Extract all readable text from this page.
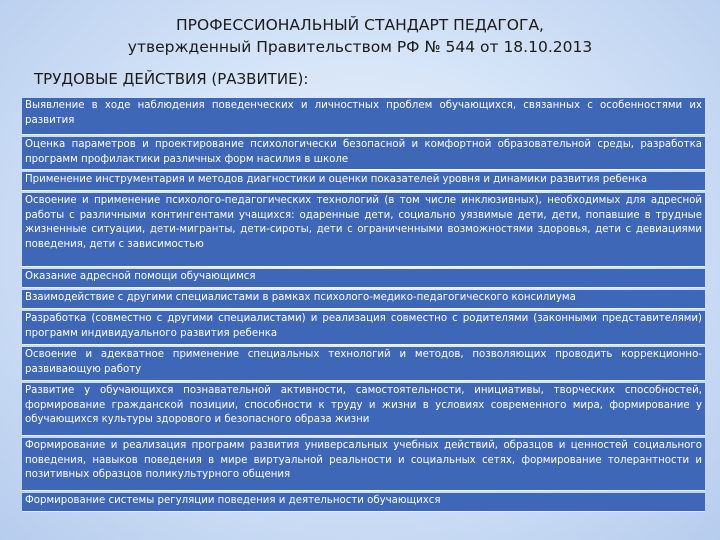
ПРОФЕССИОНАЛЬНЫЙ СТАНДАРТ ПЕДАГОГА,
утвержденный Правительством РФ № 544 от 18.10.2013
ТРУДОВЫЕ ДЕЙСТВИЯ (РАЗВИТИЕ):
Выявление в ходе наблюдения поведенческих и личностных проблем обучающихся, связанных с особенностями их развития
Оценка параметров и проектирование психологически безопасной и комфортной образовательной среды, разработка программ профилактики различных форм насилия в школе
Применение инструментария и методов диагностики и оценки показателей уровня и динамики развития ребенка
Освоение и применение психолого-педагогических технологий (в том числе инклюзивных), необходимых для адресной работы с различными контингентами учащихся: одаренные дети, социально уязвимые дети, дети, попавшие в трудные жизненные ситуации, дети-мигранты, дети-сироты, дети с ограниченными возможностями здоровья, дети с девиациями поведения, дети с зависимостью
Оказание адресной помощи обучающимся
Взаимодействие с другими специалистами в рамках психолого-медико-педагогического консилиума
Разработка (совместно с другими специалистами) и реализация совместно с родителями (законными представителями) программ индивидуального развития ребенка
Освоение и адекватное применение специальных технологий и методов, позволяющих проводить коррекционно-развивающую работу
Развитие у обучающихся познавательной активности, самостоятельности, инициативы, творческих способностей, формирование гражданской позиции, способности к труду и жизни в условиях современного мира, формирование у обучающихся культуры здорового и безопасного образа жизни
Формирование и реализация программ развития универсальных учебных действий, образцов и ценностей социального поведения, навыков поведения в мире виртуальной реальности и социальных сетях, формирование толерантности и позитивных образцов поликультурного общения
Формирование системы регуляции поведения и деятельности обучающихся
